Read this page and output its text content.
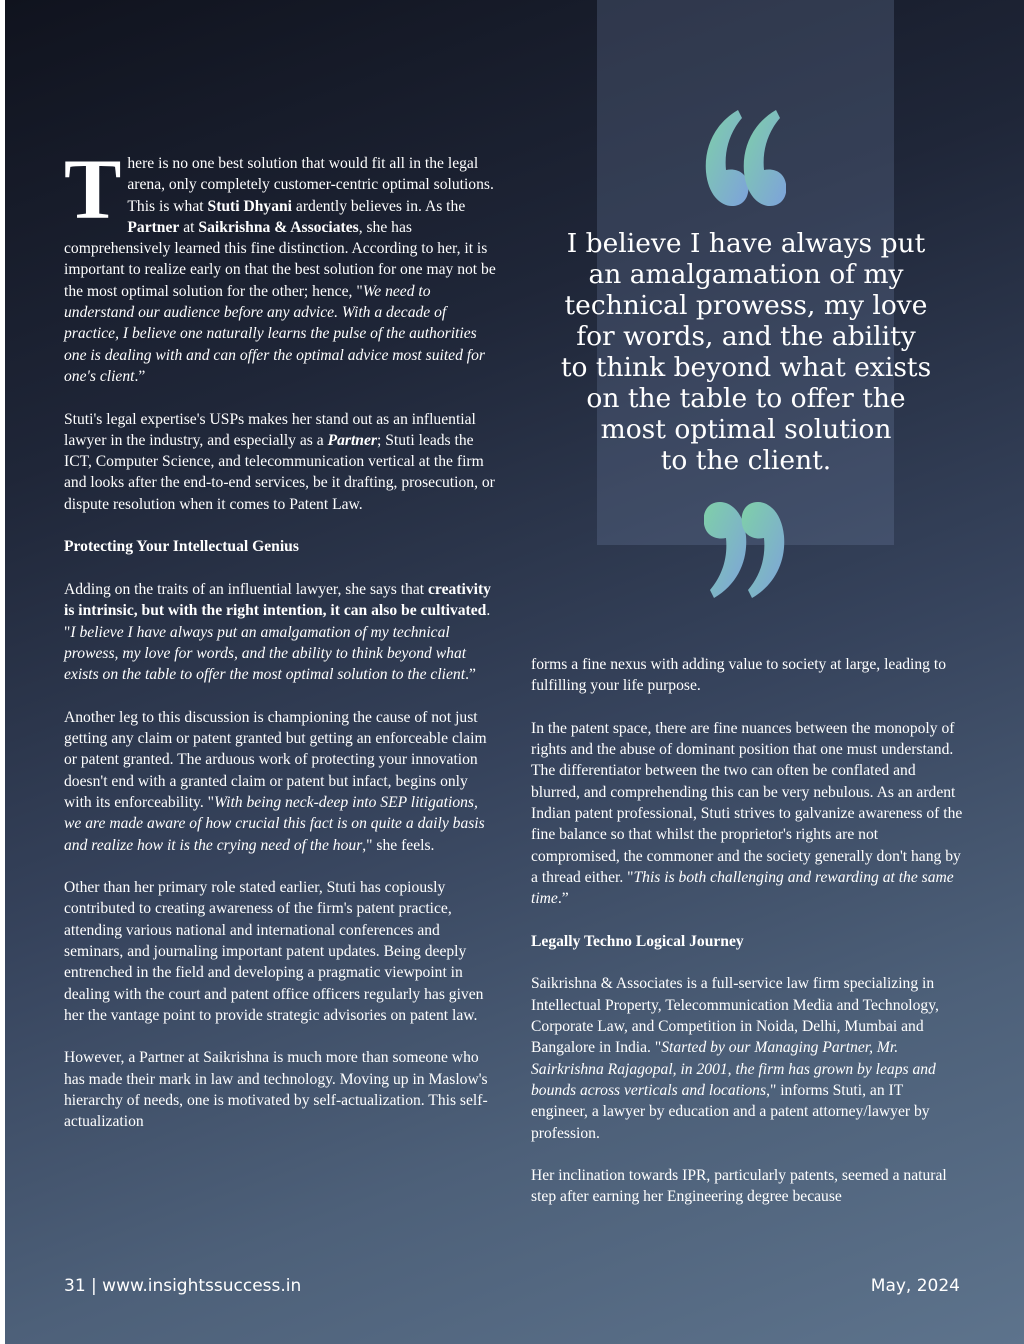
I believe I have always put
an amalgamation of my
technical prowess, my love
for words, and the ability
to think beyond what exists
on the table to offer the
most optimal solution
to the client.

There is no one best solution that would fit all in the legal arena, only completely customer-centric optimal solutions. This is what Stuti Dhyani ardently believes in. As the Partner at Saikrishna & Associates, she has comprehensively learned this fine distinction. According to her, it is important to realize early on that the best solution for one may not be the most optimal solution for the other; hence, "We need to understand our audience before any advice. With a decade of practice, I believe one naturally learns the pulse of the authorities one is dealing with and can offer the optimal advice most suited for one's client.”

Stuti's legal expertise's USPs makes her stand out as an influential lawyer in the industry, and especially as a Partner; Stuti leads the ICT, Computer Science, and telecommunication vertical at the firm and looks after the end-to-end services, be it drafting, prosecution, or dispute resolution when it comes to Patent Law.

Protecting Your Intellectual Genius

Adding on the traits of an influential lawyer, she says that creativity is intrinsic, but with the right intention, it can also be cultivated. "I believe I have always put an amalgamation of my technical prowess, my love for words, and the ability to think beyond what exists on the table to offer the most optimal solution to the client.”

Another leg to this discussion is championing the cause of not just getting any claim or patent granted but getting an enforceable claim or patent granted. The arduous work of protecting your innovation doesn't end with a granted claim or patent but infact, begins only with its enforceability. "With being neck-deep into SEP litigations, we are made aware of how crucial this fact is on quite a daily basis and realize how it is the crying need of the hour," she feels.

Other than her primary role stated earlier, Stuti has copiously contributed to creating awareness of the firm's patent practice, attending various national and international conferences and seminars, and journaling important patent updates. Being deeply entrenched in the field and developing a pragmatic viewpoint in dealing with the court and patent office officers regularly has given her the vantage point to provide strategic advisories on patent law.

However, a Partner at Saikrishna is much more than someone who has made their mark in law and technology. Moving up in Maslow's hierarchy of needs, one is motivated by self-actualization. This self-actualization

forms a fine nexus with adding value to society at large, leading to fulfilling your life purpose.

In the patent space, there are fine nuances between the monopoly of rights and the abuse of dominant position that one must understand. The differentiator between the two can often be conflated and blurred, and comprehending this can be very nebulous. As an ardent Indian patent professional, Stuti strives to galvanize awareness of the fine balance so that whilst the proprietor's rights are not compromised, the commoner and the society generally don't hang by a thread either. "This is both challenging and rewarding at the same time.”

Legally Techno Logical Journey

Saikrishna & Associates is a full-service law firm specializing in Intellectual Property, Telecommunication Media and Technology, Corporate Law, and Competition in Noida, Delhi, Mumbai and Bangalore in India. "Started by our Managing Partner, Mr. Sairkrishna Rajagopal, in 2001, the firm has grown by leaps and bounds across verticals and locations," informs Stuti, an IT engineer, a lawyer by education and a patent attorney/lawyer by profession.

Her inclination towards IPR, particularly patents, seemed a natural step after earning her Engineering degree because

31 | www.insightssuccess.in	May, 2024
